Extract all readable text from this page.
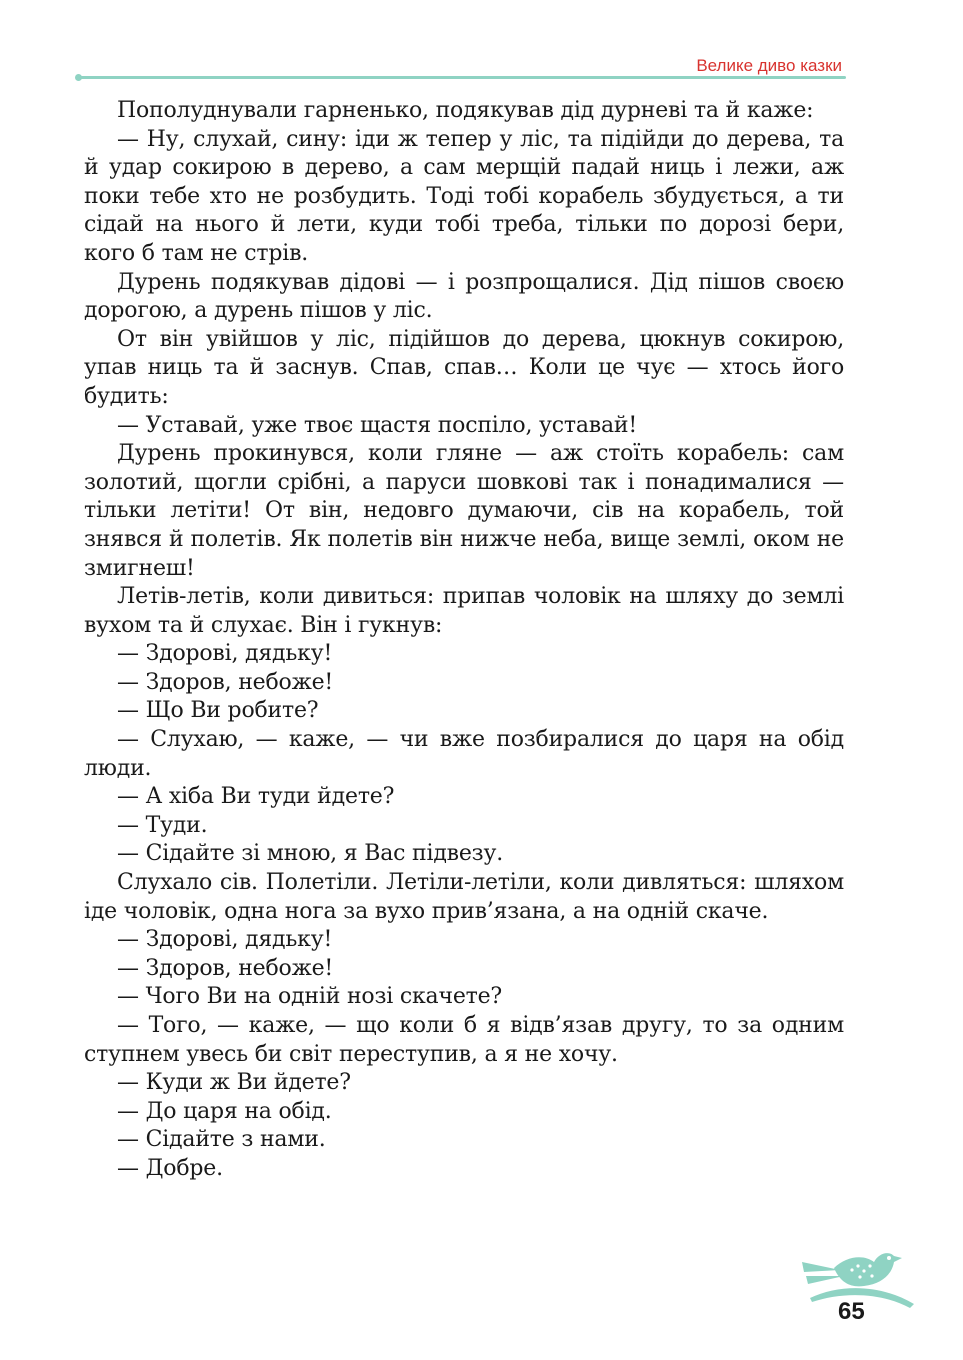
Велике диво казки

Пополуднували гарненько, подякував дід дурневі та й каже:

— Ну, слухай, сину: іди ж тепер у ліс, та підійди до дерева, та й удар сокирою в дерево, а сам мерщій падай ниць і лежи, аж поки тебе хто не розбудить. Тоді тобі корабель збудується, а ти сідай на нього й лети, куди тобі треба, тільки по дорозі бери, кого б там не стрів.

Дурень подякував дідові — і розпрощалися. Дід пішов своєю дорогою, а дурень пішов у ліс.

От він увійшов у ліс, підійшов до дерева, цюкнув сокирою, упав ниць та й заснув. Спав, спав… Коли це чує — хтось його будить:

— Уставай, уже твоє щастя поспіло, уставай!

Дурень прокинувся, коли гляне — аж стоїть корабель: сам золотий, щогли срібні, а паруси шовкові так і понадималися — тільки летіти! От він, недовго думаючи, сів на корабель, той знявся й полетів. Як полетів він нижче неба, вище землі, оком не змигнеш!

Летів-летів, коли дивиться: припав чоловік на шляху до землі вухом та й слухає. Він і гукнув:

— Здорові, дядьку!

— Здоров, небоже!

— Що Ви робите?

— Слухаю, — каже, — чи вже позбиралися до царя на обід люди.

— А хіба Ви туди йдете?

— Туди.

— Сідайте зі мною, я Вас підвезу.

Слухало сів. Полетіли. Летіли-летіли, коли дивляться: шляхом іде чоловік, одна нога за вухо прив’язана, а на одній скаче.

— Здорові, дядьку!

— Здоров, небоже!

— Чого Ви на одній нозі скачете?

— Того, — каже, — що коли б я відв’язав другу, то за одним ступнем увесь би світ переступив, а я не хочу.

— Куди ж Ви йдете?

— До царя на обід.

— Сідайте з нами.

— Добре.

65
